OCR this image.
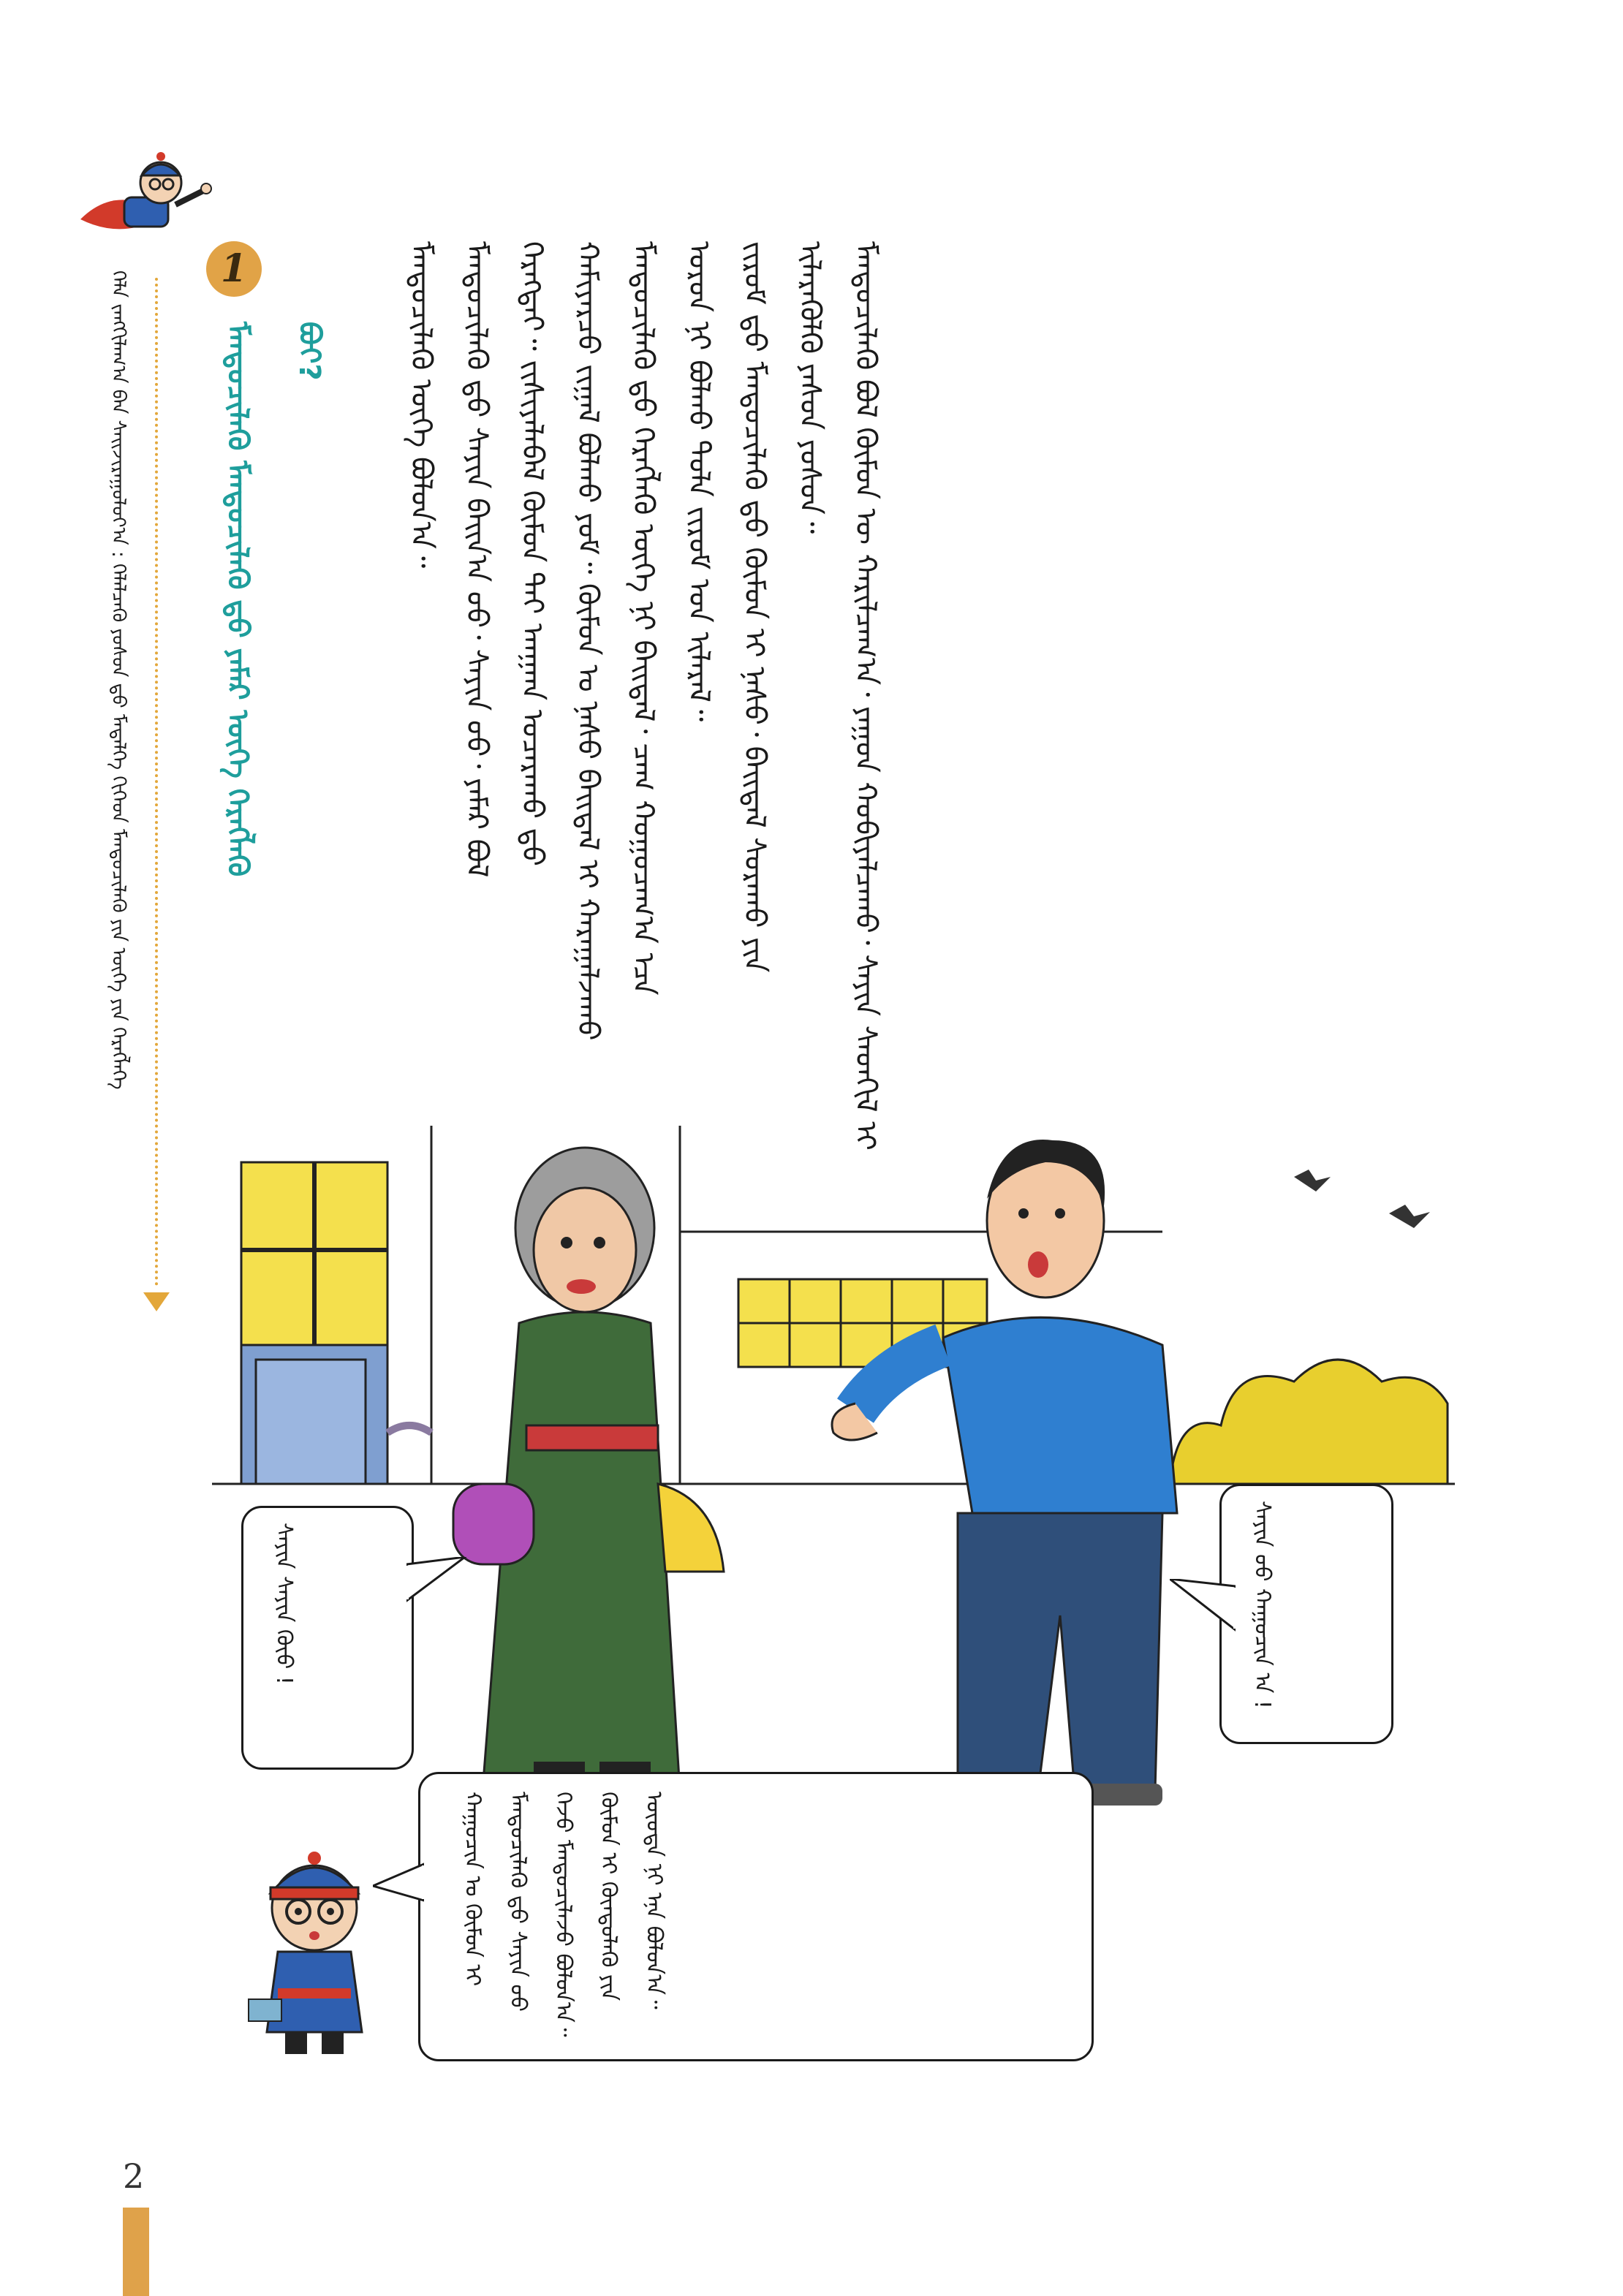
ᠬᠡᠯᠡ ᠵᠠᠩᠭᠢᠯᠠᠭ᠎ᠠ ᠪᠠᠨ ᠰᠠᠢᠵᠢᠷᠠᠭᠤᠯᠤᠶ᠎ᠠ : ᠬᠡᠯᠡᠯᠴᠡᠬᠦ ᠶᠣᠰᠤᠨ ᠳ᠋ᠤ ᠮᠡᠳᠡᠯᠭᠡ ᠬᠢᠭᠡᠳ ᠮᠡᠨᠳᠦᠴᠢᠯᠡᠬᠦ ᠶᠢᠨ ᠦᠭᠡ ᠶᠢᠨ ᠬᠡᠷᠡᠭᠯᠡᠬᠡ
1
ᠮᠡᠨᠳᠦᠴᠢᠯᠡᠬᠦ ᠮᠡᠨᠳᠦᠴᠢᠯᠡᠬᠦ ᠳ᠋ᠤ ᠶᠠᠮᠠᠷ ᠦᠭᠡ ᠬᠡᠷᠡᠭᠯᠡᠬᠦ	ᠪᠤᠢ?	ᠮᠡᠨᠳᠦᠴᠢᠯᠡᠬᠦ ᠦᠭᠡ ᠪᠣᠯᠤᠨ᠎ᠠ᠃ ᠮᠡᠨᠳᠦᠴᠢᠯᠡᠬᠦ ᠳ᠋ᠤ ᠰᠠᠶᠢᠨ ᠪᠠᠢᠨ᠎ᠠ ᠤᠤ᠂ ᠰᠠᠶᠢᠨ ᠤᠤ᠂ ᠶᠠᠮᠠᠷ ᠪᠣᠯ ᠬᠡᠷᠡᠭᠲᠡᠢ᠃ ᠵᠢᠱᠢᠶᠡᠯᠡᠪᠡᠯ ᠬᠦᠮᠦᠨ ᠲᠡᠢ ᠠᠨᠭ᠋ᠬᠠ ᠤᠴᠠᠷᠠᠬᠤ ᠳ᠋ᠤ ᠬᠠᠮᠢᠶᠠᠷᠴᠤ ᠵᠢᠭᠠᠯ ᠪᠣᠯᠬᠤ ᠶᠤᠮ᠃ ᠬᠦᠮᠦᠨ ᠤ ᠨᠠᠰᠤ ᠪᠠᠢᠳᠠᠯ ᠢ ᠬᠠᠷᠠᠭᠠᠯᠵᠠᠬᠤ ᠮᠡᠨᠳᠦᠴᠢᠯᠡᠬᠦ ᠳ᠋ᠤ ᠬᠡᠷᠡᠭᠯᠡᠬᠦ ᠦᠭᠡ ᠨᠢ ᠪᠠᠢᠳᠠᠯ᠂ ᠴᠠᠭ ᠬᠤᠭᠤᠴᠠᠭ᠎ᠠ ᠡᠴᠡ ᠣᠷᠣᠨ ᠨᠢ ᠪᠣᠯᠬᠤ ᠲᠤᠯᠠ ᠵᠢᠷᠤᠮ ᠤᠨ ᠢᠯᠡᠷᠡᠯ᠃ ᠵᠢᠷᠤᠮ ᠳ᠋ᠤ ᠮᠡᠨᠳᠦᠴᠢᠯᠡᠬᠦ ᠳ᠋ᠤ ᠬᠦᠮᠦᠨ ᠢ ᠨᠠᠰᠤ᠂ ᠪᠠᠢᠳᠠᠯ ᠰᠤᠷᠠᠬᠤ ᠶᠢᠨ ᠢᠯᠡᠷᠡᠬᠦᠯᠬᠦ ᠶᠠᠰᠤᠨ ᠶᠣᠰᠤᠨ᠃ ᠮᠡᠨᠳᠦᠴᠢᠯᠡᠬᠦ ᠪᠣᠯ ᠬᠦᠮᠦᠨ ᠦ ᠬᠠᠷᠢᠯᠴᠠᠭ᠎ᠠ᠂ ᠶᠠᠭᠤᠨ ᠬᠤᠪᠢᠶᠠᠯᠴᠠᠬᠤ᠂ ᠰᠠᠶᠢᠨ ᠰᠡᠳᠭᠢᠯ ᠢ
ᠰᠠᠶᠢᠨ ᠰᠠᠶᠢᠨ ᠬᠦᠦ !	ᠰᠠᠶᠢᠨ ᠤᠤ ᠬᠠᠭᠤᠴᠢᠨ ᠠ !
ᠬᠠᠭᠤᠴᠢᠨ ᠤ ᠬᠦᠮᠦᠨ ᠢ ᠮᠡᠨᠳᠦᠴᠢᠯᠡᠬᠦ ᠳ᠋ᠤ ᠰᠠᠶᠢᠨ ᠤᠤ ᠭᠡᠵᠦ ᠮᠡᠨᠳᠦᠴᠢᠯᠡᠵᠦ ᠪᠣᠯᠤᠨ᠎ᠠ᠃ ᠬᠦᠮᠦᠨ ᠢ ᠬᠦᠨᠳᠦᠯᠡᠬᠦ ᠶᠢᠨ ᠦᠦᠳᠡ ᠨᠢ ᠡᠨᠡ ᠪᠣᠯᠤᠨ᠎ᠠ᠃
2
